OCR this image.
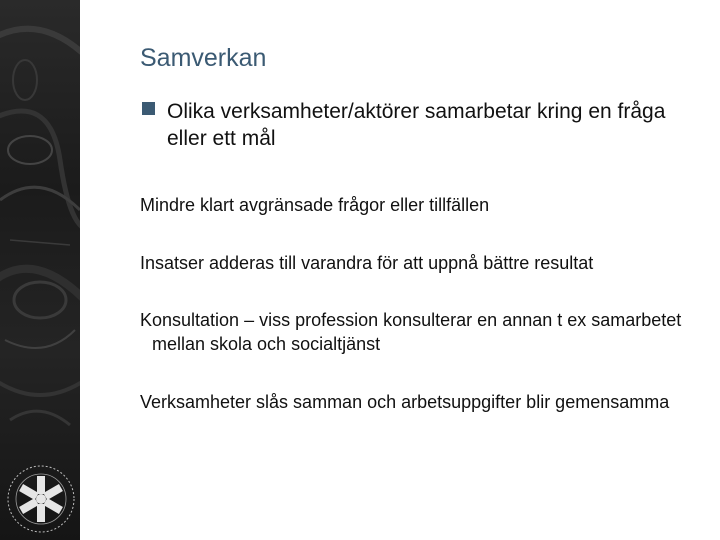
Samverkan
Olika verksamheter/aktörer samarbetar kring en fråga eller ett mål
Mindre klart avgränsade frågor eller tillfällen
Insatser adderas till varandra för att uppnå bättre resultat
Konsultation – viss profession konsulterar en annan t ex samarbetet mellan skola och socialtjänst
Verksamheter slås samman och arbetsuppgifter blir gemensamma
